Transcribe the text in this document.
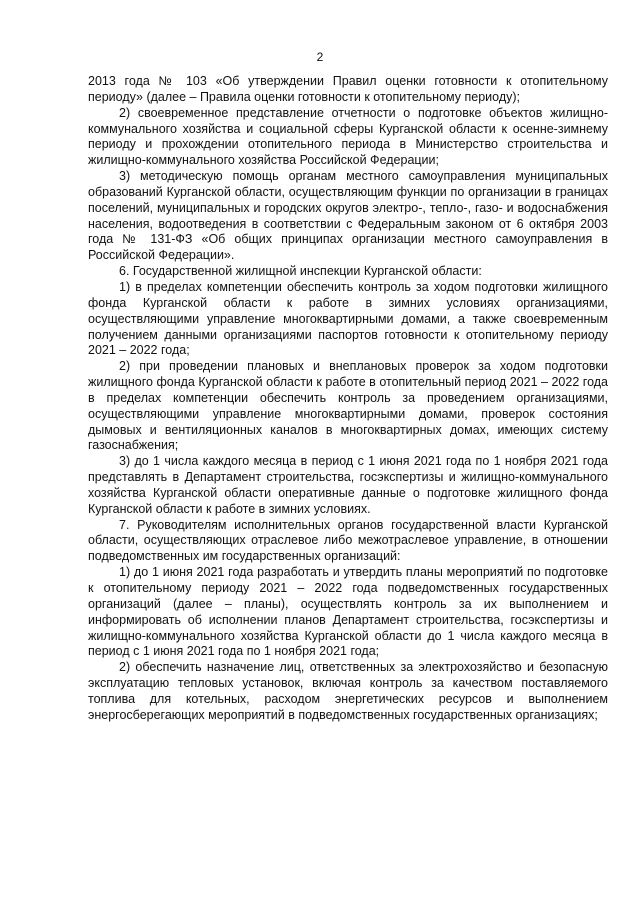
2

2013 года № 103 «Об утверждении Правил оценки готовности к отопительному периоду» (далее – Правила оценки готовности к отопительному периоду);

2) своевременное представление отчетности о подготовке объектов жилищно-коммунального хозяйства и социальной сферы Курганской области к осенне-зимнему периоду и прохождении отопительного периода в Министерство строительства и жилищно-коммунального хозяйства Российской Федерации;

3) методическую помощь органам местного самоуправления муниципальных образований Курганской области, осуществляющим функции по организации в границах поселений, муниципальных и городских округов электро-, тепло-, газо- и водоснабжения населения, водоотведения в соответствии с Федеральным законом от 6 октября 2003 года № 131-ФЗ «Об общих принципах организации местного самоуправления в Российской Федерации».

6. Государственной жилищной инспекции Курганской области:

1) в пределах компетенции обеспечить контроль за ходом подготовки жилищного фонда Курганской области к работе в зимних условиях организациями, осуществляющими управление многоквартирными домами, а также своевременным получением данными организациями паспортов готовности к отопительному периоду 2021 – 2022 года;

2) при проведении плановых и внеплановых проверок за ходом подготовки жилищного фонда Курганской области к работе в отопительный период 2021 – 2022 года в пределах компетенции обеспечить контроль за проведением организациями, осуществляющими управление многоквартирными домами, проверок состояния дымовых и вентиляционных каналов в многоквартирных домах, имеющих систему газоснабжения;

3) до 1 числа каждого месяца в период с 1 июня 2021 года по 1 ноября 2021 года представлять в Департамент строительства, госэкспертизы и жилищно-коммунального хозяйства Курганской области оперативные данные о подготовке жилищного фонда Курганской области к работе в зимних условиях.

7. Руководителям исполнительных органов государственной власти Курганской области, осуществляющих отраслевое либо межотраслевое управление, в отношении подведомственных им государственных организаций:

1) до 1 июня 2021 года разработать и утвердить планы мероприятий по подготовке к отопительному периоду 2021 – 2022 года подведомственных государственных организаций (далее – планы), осуществлять контроль за их выполнением и информировать об исполнении планов Департамент строительства, госэкспертизы и жилищно-коммунального хозяйства Курганской области до 1 числа каждого месяца в период с 1 июня 2021 года по 1 ноября 2021 года;

2) обеспечить назначение лиц, ответственных за электрохозяйство и безопасную эксплуатацию тепловых установок, включая контроль за качеством поставляемого топлива для котельных, расходом энергетических ресурсов и выполнением энергосберегающих мероприятий в подведомственных государственных организациях;
